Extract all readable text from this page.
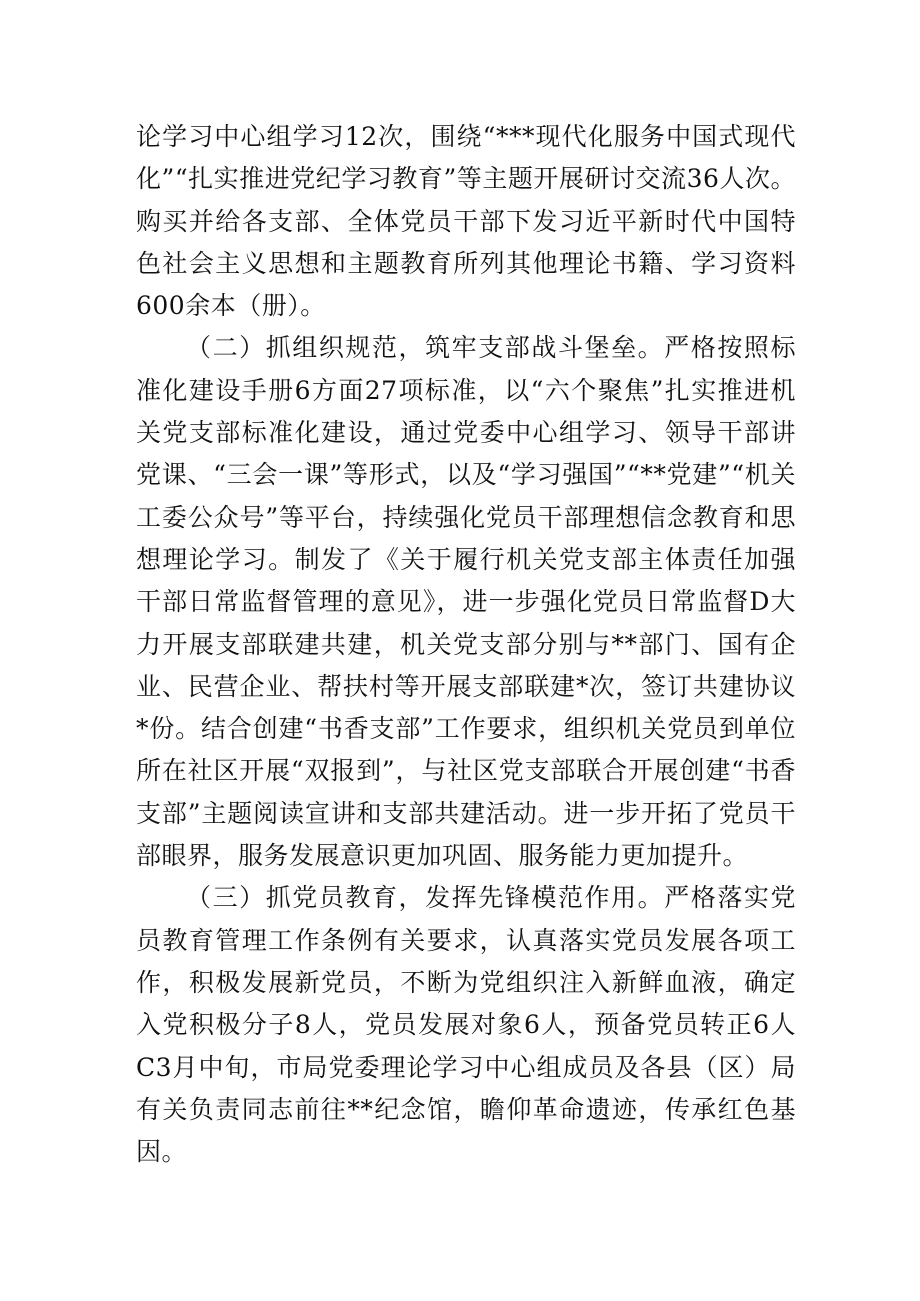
论学习中心组学习12次，围绕“***现代化服务中国式现代化”“扎实推进党纪学习教育”等主题开展研讨交流36人次。购买并给各支部、全体党员干部下发习近平新时代中国特色社会主义思想和主题教育所列其他理论书籍、学习资料600余本（册）。

（二）抓组织规范，筑牢支部战斗堡垒。严格按照标准化建设手册6方面27项标准，以“六个聚焦”扎实推进机关党支部标准化建设，通过党委中心组学习、领导干部讲党课、“三会一课”等形式，以及“学习强国”“**党建”“机关工委公众号”等平台，持续强化党员干部理想信念教育和思想理论学习。制发了《关于履行机关党支部主体责任加强干部日常监督管理的意见》，进一步强化党员日常监督D大力开展支部联建共建，机关党支部分别与**部门、国有企业、民营企业、帮扶村等开展支部联建*次，签订共建协议*份。结合创建“书香支部”工作要求，组织机关党员到单位所在社区开展“双报到”，与社区党支部联合开展创建“书香支部”主题阅读宣讲和支部共建活动。进一步开拓了党员干部眼界，服务发展意识更加巩固、服务能力更加提升。

（三）抓党员教育，发挥先锋模范作用。严格落实党员教育管理工作条例有关要求，认真落实党员发展各项工作，积极发展新党员，不断为党组织注入新鲜血液，确定入党积极分子8人，党员发展对象6人，预备党员转正6人C3月中旬，市局党委理论学习中心组成员及各县（区）局有关负责同志前往**纪念馆，瞻仰革命遗迹，传承红色基因。
